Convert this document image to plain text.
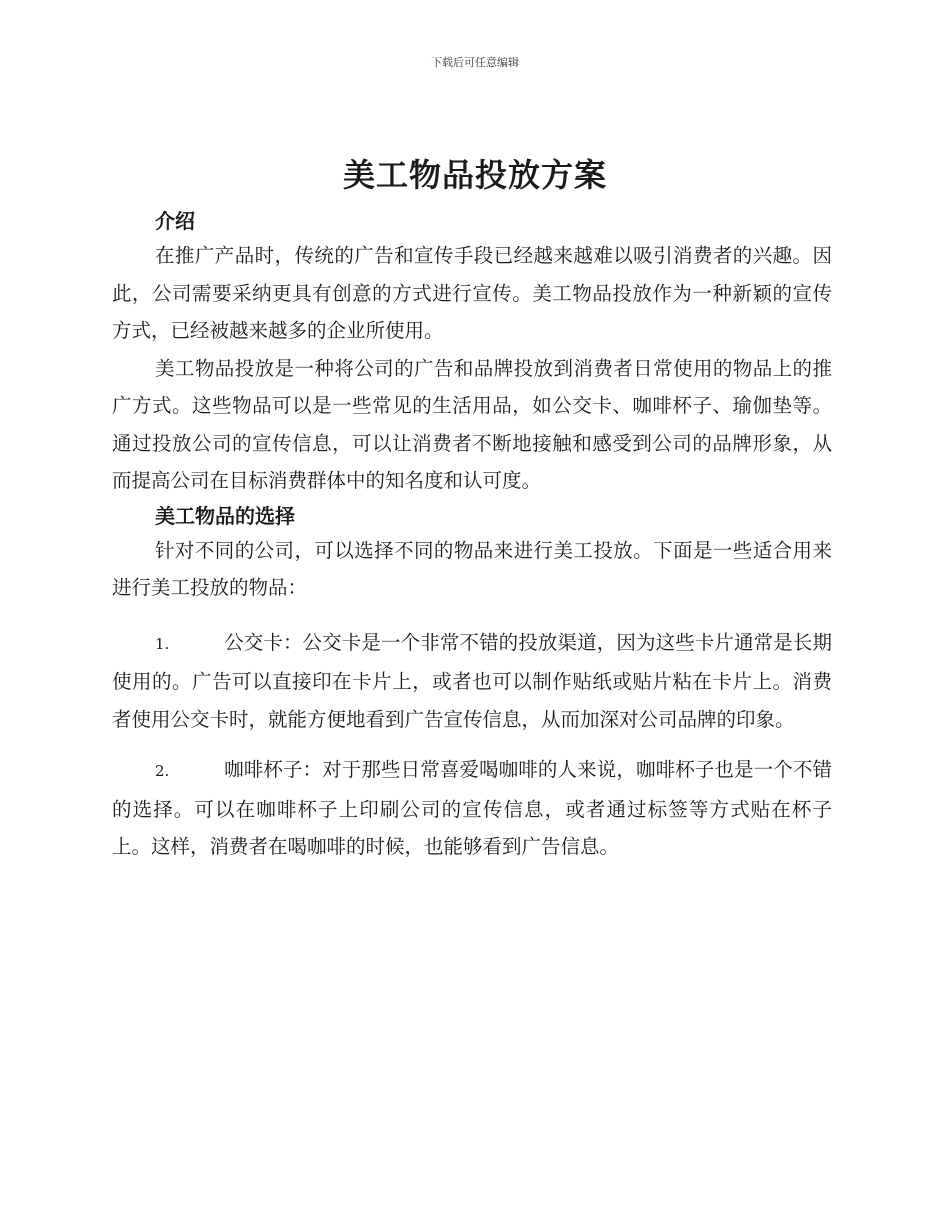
下载后可任意编辑
美工物品投放方案
介绍

在推广产品时，传统的广告和宣传手段已经越来越难以吸引消费者的兴趣。因此，公司需要采纳更具有创意的方式进行宣传。美工物品投放作为一种新颖的宣传方式，已经被越来越多的企业所使用。

美工物品投放是一种将公司的广告和品牌投放到消费者日常使用的物品上的推广方式。这些物品可以是一些常见的生活用品，如公交卡、咖啡杯子、瑜伽垫等。通过投放公司的宣传信息，可以让消费者不断地接触和感受到公司的品牌形象，从而提高公司在目标消费群体中的知名度和认可度。

美工物品的选择

针对不同的公司，可以选择不同的物品来进行美工投放。下面是一些适合用来进行美工投放的物品：

1.	公交卡：公交卡是一个非常不错的投放渠道，因为这些卡片通常是长期使用的。广告可以直接印在卡片上，或者也可以制作贴纸或贴片粘在卡片上。消费者使用公交卡时，就能方便地看到广告宣传信息，从而加深对公司品牌的印象。

2.	咖啡杯子：对于那些日常喜爱喝咖啡的人来说，咖啡杯子也是一个不错的选择。可以在咖啡杯子上印刷公司的宣传信息，或者通过标签等方式贴在杯子上。这样，消费者在喝咖啡的时候，也能够看到广告信息。
